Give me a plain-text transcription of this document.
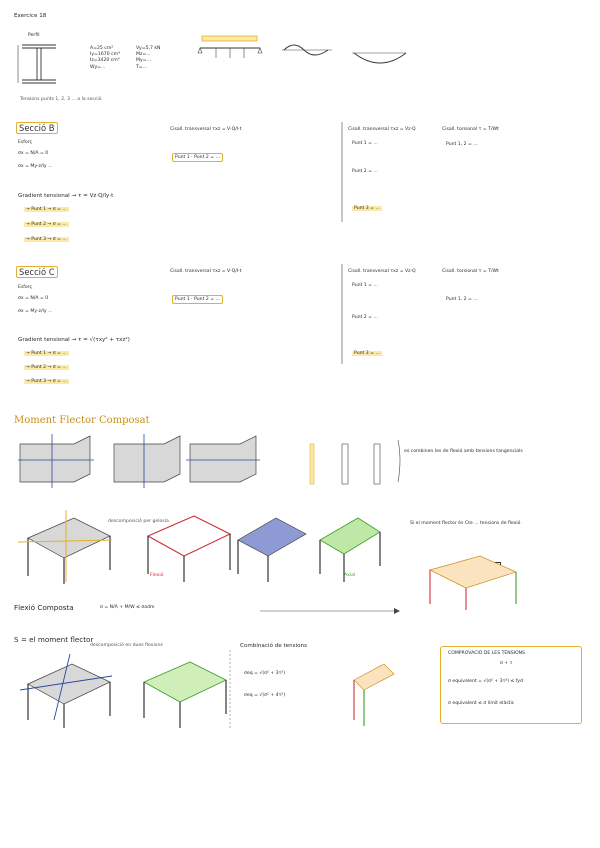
Exercice 18
Perfil
A=25 cm²
Iy=1670 cm⁴
Iz=3420 cm⁴
Wy=...
Vy=5,7 kN
Mz=...
My=...
T=...
Tensions punts 1, 2, 3 ... a la secció
Secció B
Esforç
σx = N/A = 0
σx = My·z/Iy ...
Gradient tensional → τ = Vz·Q/Iy·t
→ Punt 1 → σ = ...
→ Punt 2 → σ = ...
→ Punt 3 → σ = ...
Cisall. transversal τxz = V·Q/I·t
Punt 1 · Punt 2 = ...
Cisall. transversal τxz = Vz·Q
Punt 1 = ...
Punt 2 = ...
Punt 3 = ...
Cisall. torsional τ = T/Wt
Punt 1, 2 = ...
Secció C
Esforç
σx = N/A = 0
σx = My·z/Iy ...
Gradient tensional → τ = √(τxy² + τxz²)
→ Punt 1 → σ = ...
→ Punt 2 → σ = ...
→ Punt 3 → σ = ...
Cisall. transversal τxz = V·Q/I·t
Punt 1 · Punt 2 = ...
Cisall. transversal τxz = Vz·Q
Punt 1 = ...
Punt 2 = ...
Punt 3 = ...
Cisall. torsional τ = T/Wt
Punt 1, 2 = ...
Moment Flector Composat
es combinen les de flexió amb tensions tangencials
descomposició per gelosia
Flexió
Si el moment flector és Cte ... tensions de flexió
Axial
Flexió Composta	σ = N/A + M/W ≤ σadm
S = el moment flector
descomposició en dues flexions	Combinació de tensions
σeq = √(σ² + 3τ²)
σeq = √(σ² + 4τ²)
COMPROVACIÓ DE LES TENSIONS
σ + τ
σ equivalent = √(σ² + 3τ²) ≤ fyd
σ equivalent ≤ σ límit elàstic
